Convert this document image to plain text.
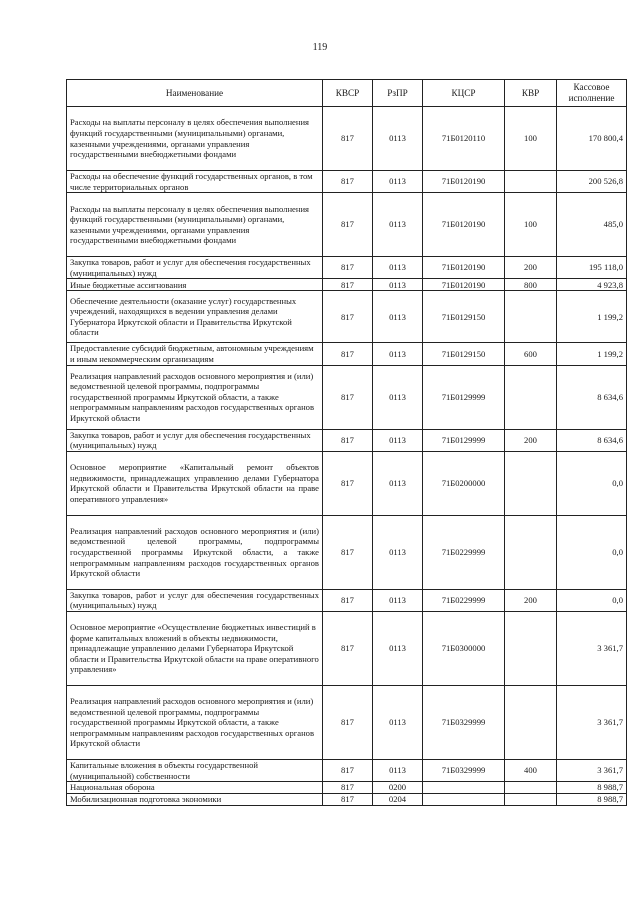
119
Наименование	КВСР	РзПР	КЦСР	КВР	Кассовое исполнение
Расходы на выплаты персоналу в целях обеспечения выполнения функций государственными (муниципальными) органами, казенными учреждениями, органами управления государственными внебюджетными фондами	817	0113	71Б0120110	100	170 800,4
Расходы на обеспечение функций государственных органов, в том числе территориальных органов	817	0113	71Б0120190		200 526,8
Расходы на выплаты персоналу в целях обеспечения выполнения функций государственными (муниципальными) органами, казенными учреждениями, органами управления государственными внебюджетными фондами	817	0113	71Б0120190	100	485,0
Закупка товаров, работ и услуг для обеспечения государственных (муниципальных) нужд	817	0113	71Б0120190	200	195 118,0
Иные бюджетные ассигнования	817	0113	71Б0120190	800	4 923,8
Обеспечение деятельности (оказание услуг) государственных учреждений, находящихся в ведении управления делами Губернатора Иркутской области и Правительства Иркутской области	817	0113	71Б0129150		1 199,2
Предоставление субсидий бюджетным, автономным учреждениям и иным некоммерческим организациям	817	0113	71Б0129150	600	1 199,2
Реализация направлений расходов основного мероприятия и (или) ведомственной целевой программы, подпрограммы государственной программы Иркутской области, а также непрограммным направлениям расходов государственных органов Иркутской области	817	0113	71Б0129999		8 634,6
Закупка товаров, работ и услуг для обеспечения государственных (муниципальных) нужд	817	0113	71Б0129999	200	8 634,6
Основное мероприятие «Капитальный ремонт объектов недвижимости, принадлежащих управлению делами Губернатора Иркутской области и Правительства Иркутской области на праве оперативного управления»	817	0113	71Б0200000		0,0
Реализация направлений расходов основного мероприятия и (или) ведомственной целевой программы, подпрограммы государственной программы Иркутской области, а также непрограммным направлениям расходов государственных органов Иркутской области	817	0113	71Б0229999		0,0
Закупка товаров, работ и услуг для обеспечения государственных (муниципальных) нужд	817	0113	71Б0229999	200	0,0
Основное мероприятие «Осуществление бюджетных инвестиций в форме капитальных вложений в объекты недвижимости, принадлежащие управлению делами Губернатора Иркутской области и Правительства Иркутской области на праве оперативного управления»	817	0113	71Б0300000		3 361,7
Реализация направлений расходов основного мероприятия и (или) ведомственной целевой программы, подпрограммы государственной программы Иркутской области, а также непрограммным направлениям расходов государственных органов Иркутской области	817	0113	71Б0329999		3 361,7
Капитальные вложения в объекты государственной (муниципальной) собственности	817	0113	71Б0329999	400	3 361,7
Национальная оборона	817	0200			8 988,7
Мобилизационная подготовка экономики	817	0204			8 988,7
